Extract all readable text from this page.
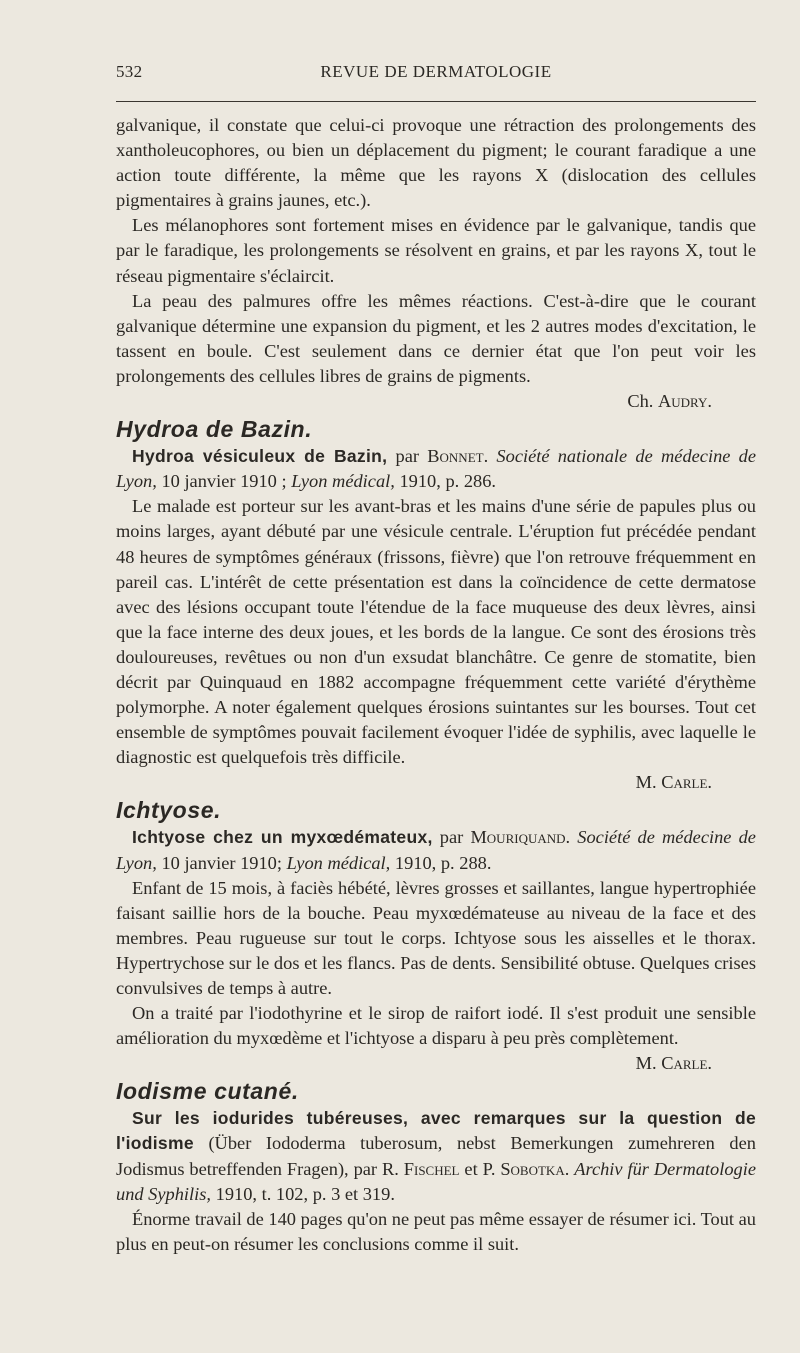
REVUE DE DERMATOLOGIE
532

galvanique, il constate que celui-ci provoque une rétraction des prolongements des xantholeucophores, ou bien un déplacement du pigment; le courant faradique a une action toute différente, la même que les rayons X (dislocation des cellules pigmentaires à grains jaunes, etc.).

Les mélanophores sont fortement mises en évidence par le galvanique, tandis que par le faradique, les prolongements se résolvent en grains, et par les rayons X, tout le réseau pigmentaire s'éclaircit.

La peau des palmures offre les mêmes réactions. C'est-à-dire que le courant galvanique détermine une expansion du pigment, et les 2 autres modes d'excitation, le tassent en boule. C'est seulement dans ce dernier état que l'on peut voir les prolongements des cellules libres de grains de pigments.

Ch. Audry.

Hydroa de Bazin.

Hydroa vésiculeux de Bazin, par Bonnet. Société nationale de médecine de Lyon, 10 janvier 1910 ; Lyon médical, 1910, p. 286.

Le malade est porteur sur les avant-bras et les mains d'une série de papules plus ou moins larges, ayant débuté par une vésicule centrale. L'éruption fut précédée pendant 48 heures de symptômes généraux (frissons, fièvre) que l'on retrouve fréquemment en pareil cas. L'intérêt de cette présentation est dans la coïncidence de cette dermatose avec des lésions occupant toute l'étendue de la face muqueuse des deux lèvres, ainsi que la face interne des deux joues, et les bords de la langue. Ce sont des érosions très douloureuses, revêtues ou non d'un exsudat blanchâtre. Ce genre de stomatite, bien décrit par Quinquaud en 1882 accompagne fréquemment cette variété d'érythème polymorphe. A noter également quelques érosions suintantes sur les bourses. Tout cet ensemble de symptômes pouvait facilement évoquer l'idée de syphilis, avec laquelle le diagnostic est quelquefois très difficile.

M. Carle.

Ichtyose.

Ichtyose chez un myxœdémateux, par Mouriquand. Société de médecine de Lyon, 10 janvier 1910; Lyon médical, 1910, p. 288.

Enfant de 15 mois, à faciès hébété, lèvres grosses et saillantes, langue hypertrophiée faisant saillie hors de la bouche. Peau myxœdémateuse au niveau de la face et des membres. Peau rugueuse sur tout le corps. Ichtyose sous les aisselles et le thorax. Hypertrychose sur le dos et les flancs. Pas de dents. Sensibilité obtuse. Quelques crises convulsives de temps à autre.

On a traité par l'iodothyrine et le sirop de raifort iodé. Il s'est produit une sensible amélioration du myxœdème et l'ichtyose a disparu à peu près complètement.

M. Carle.

Iodisme cutané.

Sur les iodurides tubéreuses, avec remarques sur la question de l'iodisme (Über Iododerma tuberosum, nebst Bemerkungen zumehreren den Jodismus betreffenden Fragen), par R. Fischel et P. Sobotka. Archiv für Dermatologie und Syphilis, 1910, t. 102, p. 3 et 319.

Énorme travail de 140 pages qu'on ne peut pas même essayer de résumer ici. Tout au plus en peut-on résumer les conclusions comme il suit.
